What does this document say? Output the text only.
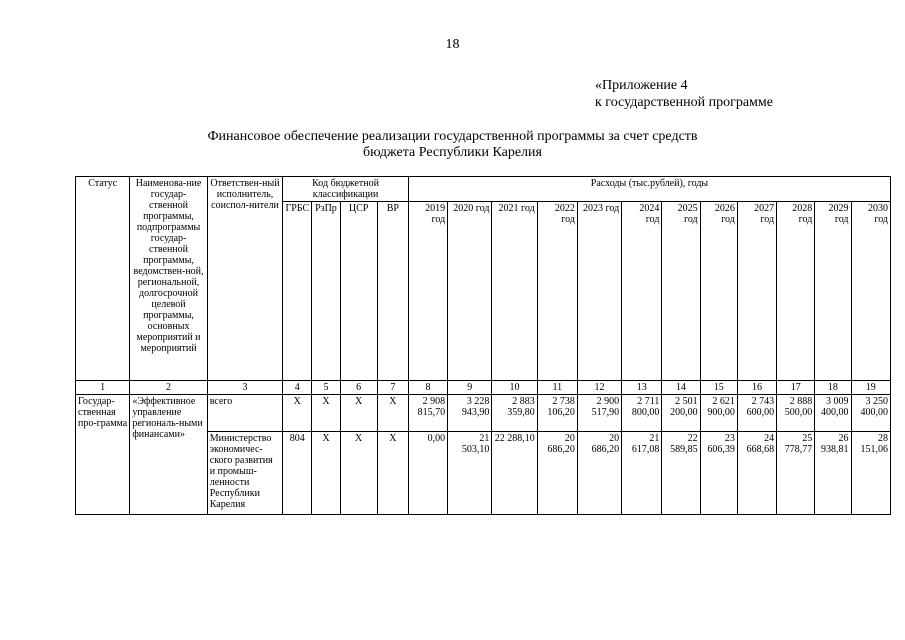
18
«Приложение 4
к государственной программе
Финансовое обеспечение реализации государственной программы за счет средств
бюджета Республики Карелия
Статус	Наименова-ние государ-ственной программы, подпрограммы государ-ственной программы, ведомствен-ной, региональной, долгосрочной целевой программы, основных мероприятий и мероприятий	Ответствен-ный исполнитель, соиспол-нители	Код бюджетной классификации				Расходы (тыс.рублей), годы											
			ГРБС	РзПр	ЦСР	ВР	2019 год	2020 год	2021 год	2022 год	2023 год	2024 год	2025 год	2026 год	2027 год	2028 год	2029 год	2030 год
1	2	3	4	5	6	7	8	9	10	11	12	13	14	15	16	17	18	19
Государ-ственная про-грамма	«Эффективное управление региональ-ными финансами»	всего	X	X	X	X	2 908 815,70	3 228 943,90	2 883 359,80	2 738 106,20	2 900 517,90	2 711 800,00	2 501 200,00	2 621 900,00	2 743 600,00	2 888 500,00	3 009 400,00	3 250 400,00
		Министерство экономичес-ского развития и промыш-ленности Республики Карелия	804	X	X	X	0,00	21 503,10	22 288,10	20 686,20	20 686,20	21 617,08	22 589,85	23 606,39	24 668,68	25 778,77	26 938,81	28 151,06
